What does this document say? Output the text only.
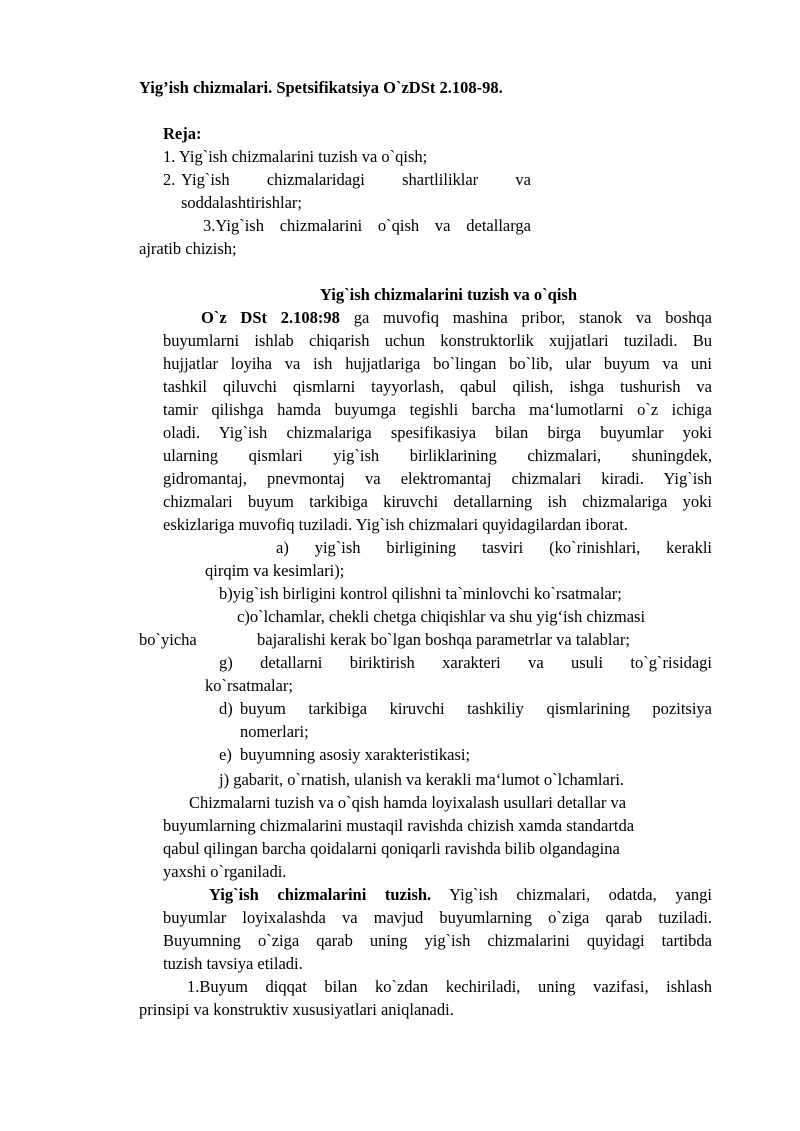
Yig’ish chizmalari. Spetsifikatsiya O`zDSt 2.108-98.
Reja:
1. Yig`ish chizmalarini tuzish va o`qish;
2. Yig`ish chizmalaridagi shartliliklar va
soddalashtirishlar;
3.Yig`ish chizmalarini o`qish va detallarga
ajratib chizish;
Yig`ish chizmalarini tuzish va o`qish
O`z DSt 2.108:98 ga muvofiq mashina pribor, stanok va boshqa
buyumlarni ishlab chiqarish uchun konstruktorlik xujjatlari tuziladi. Bu
hujjatlar loyiha va ish hujjatlariga bo`lingan bo`lib, ular buyum va uni
tashkil qiluvchi qismlarni tayyorlash, qabul qilish, ishga tushurish va
tamir qilishga hamda buyumga tegishli barcha ma‘lumotlarni o`z ichiga
oladi. Yig`ish chizmalariga spesifikasiya bilan birga buyumlar yoki
ularning qismlari yig`ish birliklarining chizmalari, shuningdek,
gidromantaj, pnevmontaj va elektromantaj chizmalari kiradi. Yig`ish
chizmalari buyum tarkibiga kiruvchi detallarning ish chizmalariga yoki
eskizlariga muvofiq tuziladi. Yig`ish chizmalari quyidagilardan iborat.
a) yig`ish birligining tasviri (ko`rinishlari, kerakli
qirqim va kesimlari);
b)yig`ish birligini kontrol qilishni ta`minlovchi ko`rsatmalar;
c)o`lchamlar, chekli chetga chiqishlar va shu yig‘ish chizmasi
bo`yicha	bajaralishi kerak bo`lgan boshqa parametrlar va talablar;
g) detallarni biriktirish xarakteri va usuli to`g`risidagi
ko`rsatmalar;
d) buyum tarkibiga kiruvchi tashkiliy qismlarining pozitsiya
nomerlari;
e) buyumning asosiy xarakteristikasi;
j) gabarit, o`rnatish, ulanish va kerakli ma‘lumot o`lchamlari.
Chizmalarni tuzish va o`qish hamda loyixalash usullari detallar va
buyumlarning chizmalarini mustaqil ravishda chizish xamda standartda
qabul qilingan barcha qoidalarni qoniqarli ravishda bilib olgandagina
yaxshi o`rganiladi.
Yig`ish chizmalarini tuzish. Yig`ish chizmalari, odatda, yangi
buyumlar loyixalashda va mavjud buyumlarning o`ziga qarab tuziladi.
Buyumning o`ziga qarab uning yig`ish chizmalarini quyidagi tartibda
tuzish tavsiya etiladi.
1.Buyum diqqat bilan ko`zdan kechiriladi, uning vazifasi, ishlash
prinsipi va konstruktiv xususiyatlari aniqlanadi.
